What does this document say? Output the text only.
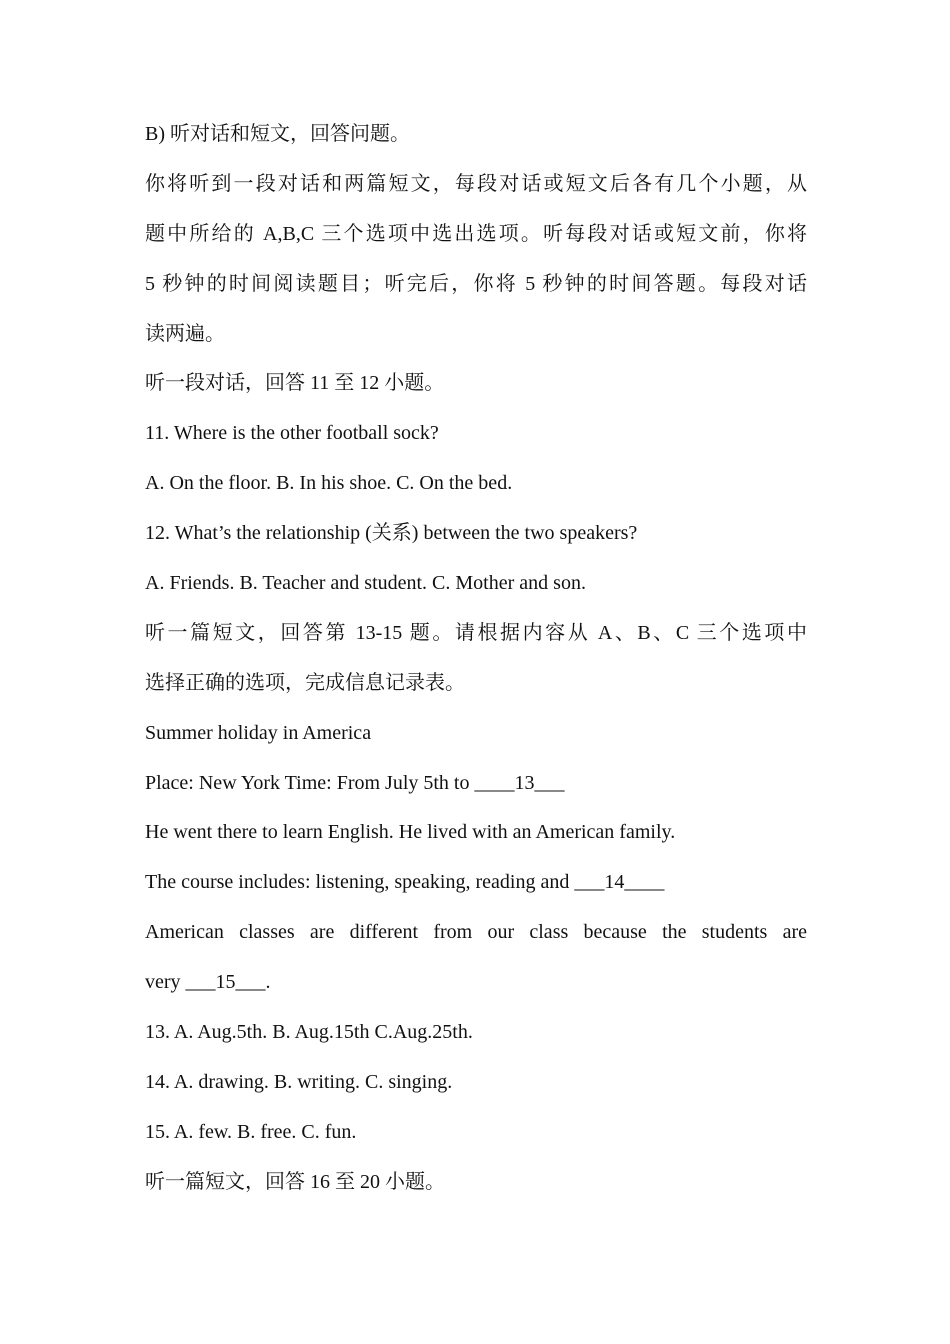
B) 听对话和短文，回答问题。

你将听到一段对话和两篇短文，每段对话或短文后各有几个小题，从

题中所给的 A,B,C 三个选项中选出选项。听每段对话或短文前，你将

5 秒钟的时间阅读题目；听完后，你将 5 秒钟的时间答题。每段对话

读两遍。

听一段对话，回答 11 至 12 小题。

11. Where is the other football sock?

A. On the floor. B. In his shoe. C. On the bed.

12. What’s the relationship (关系) between the two speakers?

A. Friends. B. Teacher and student. C. Mother and son.

听一篇短文，回答第 13-15 题。请根据内容从 A、B、C 三个选项中

选择正确的选项，完成信息记录表。

Summer holiday in America

Place: New York Time: From July 5th to ____13___

He went there to learn English. He lived with an American family.

The course includes: listening, speaking, reading and ___14____

American classes are different from our class because the students are

very ___15___.

13. A. Aug.5th. B. Aug.15th C.Aug.25th.

14. A. drawing. B. writing. C. singing.

15. A. few. B. free. C. fun.

听一篇短文，回答 16 至 20 小题。
